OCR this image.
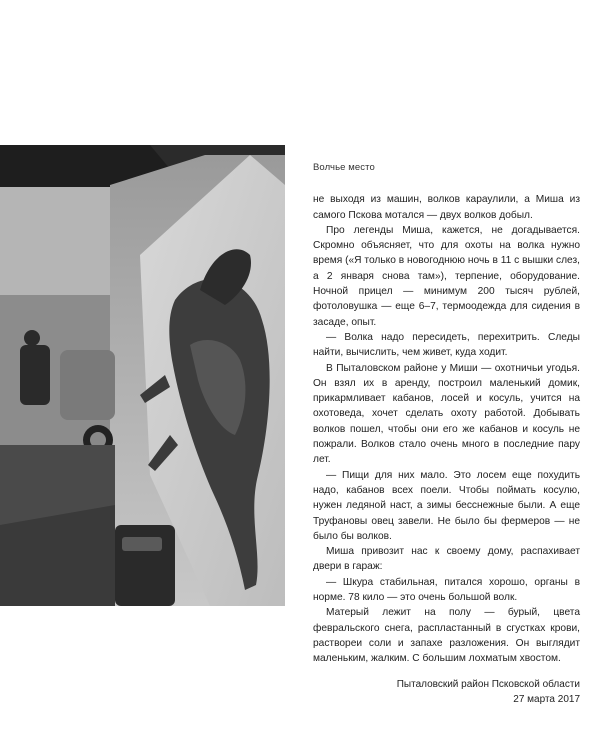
Волчье место

не выходя из машин, волков караулили, а Миша из самого Пскова мотался — двух волков добыл.

Про легенды Миша, кажется, не догадывается. Скромно объясняет, что для охоты на волка нужно время («Я только в новогоднюю ночь в 11 с вышки слез, а 2 января снова там»), терпение, оборудование. Ночной прицел — минимум 200 тысяч рублей, фотоловушка — еще 6–7, термоодежда для сидения в засаде, опыт.

— Волка надо пересидеть, перехитрить. Следы найти, вычислить, чем живет, куда ходит.

В Пыталовском районе у Миши — охотничьи угодья. Он взял их в аренду, построил маленький домик, прикармливает кабанов, лосей и косуль, учится на охотоведа, хочет сделать охоту работой. Добывать волков пошел, чтобы они его же кабанов и косуль не пожрали. Волков стало очень много в последние пару лет.

— Пищи для них мало. Это лосем еще похудить надо, кабанов всех поели. Чтобы поймать косулю, нужен ледяной наст, а зимы бесснежные были. А еще Труфановы овец завели. Не было бы фермеров — не было бы волков.

Миша привозит нас к своему дому, распахивает двери в гараж:

— Шкура стабильная, питался хорошо, органы в норме. 78 кило — это очень большой волк.

Матерый лежит на полу — бурый, цвета февральского снега, распластанный в сгустках крови, раствореи соли и запахе разложения. Он выглядит маленьким, жалким. С большим лохматым хвостом.

Пыталовский район Псковской области
27 марта 2017
